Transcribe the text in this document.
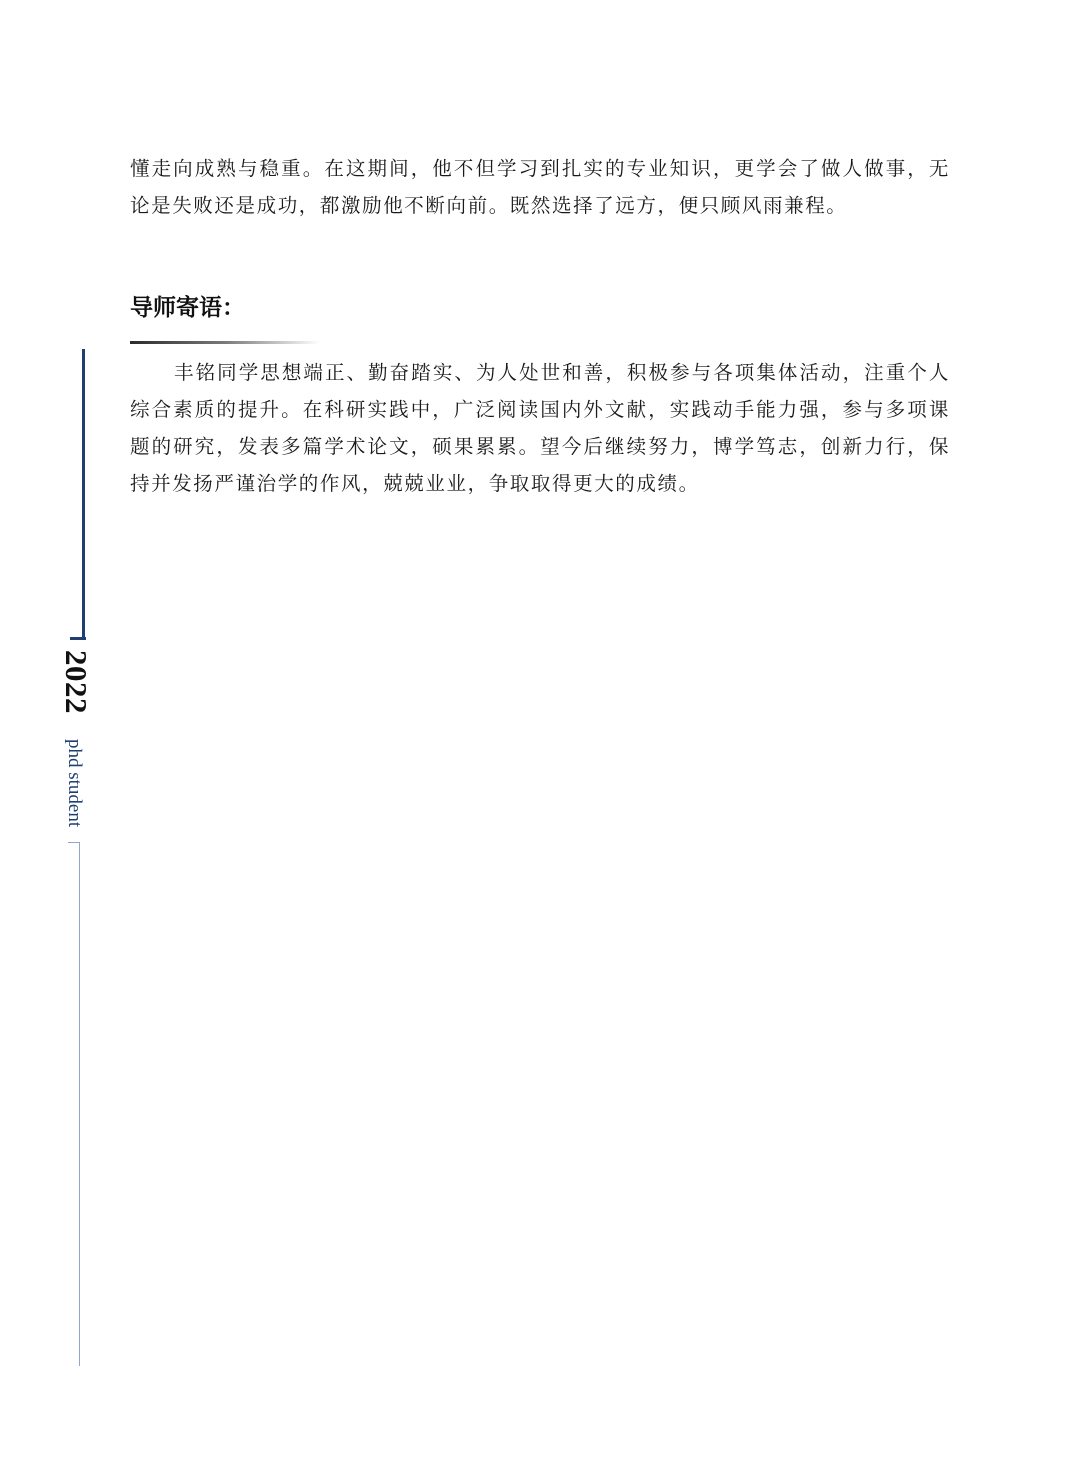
2022
phd student

懂走向成熟与稳重。在这期间，他不但学习到扎实的专业知识，更学会了做人做事，无论是失败还是成功，都激励他不断向前。既然选择了远方，便只顾风雨兼程。

导师寄语：

丰铭同学思想端正、勤奋踏实、为人处世和善，积极参与各项集体活动，注重个人综合素质的提升。在科研实践中，广泛阅读国内外文献，实践动手能力强，参与多项课题的研究，发表多篇学术论文，硕果累累。望今后继续努力，博学笃志，创新力行，保持并发扬严谨治学的作风，兢兢业业，争取取得更大的成绩。
